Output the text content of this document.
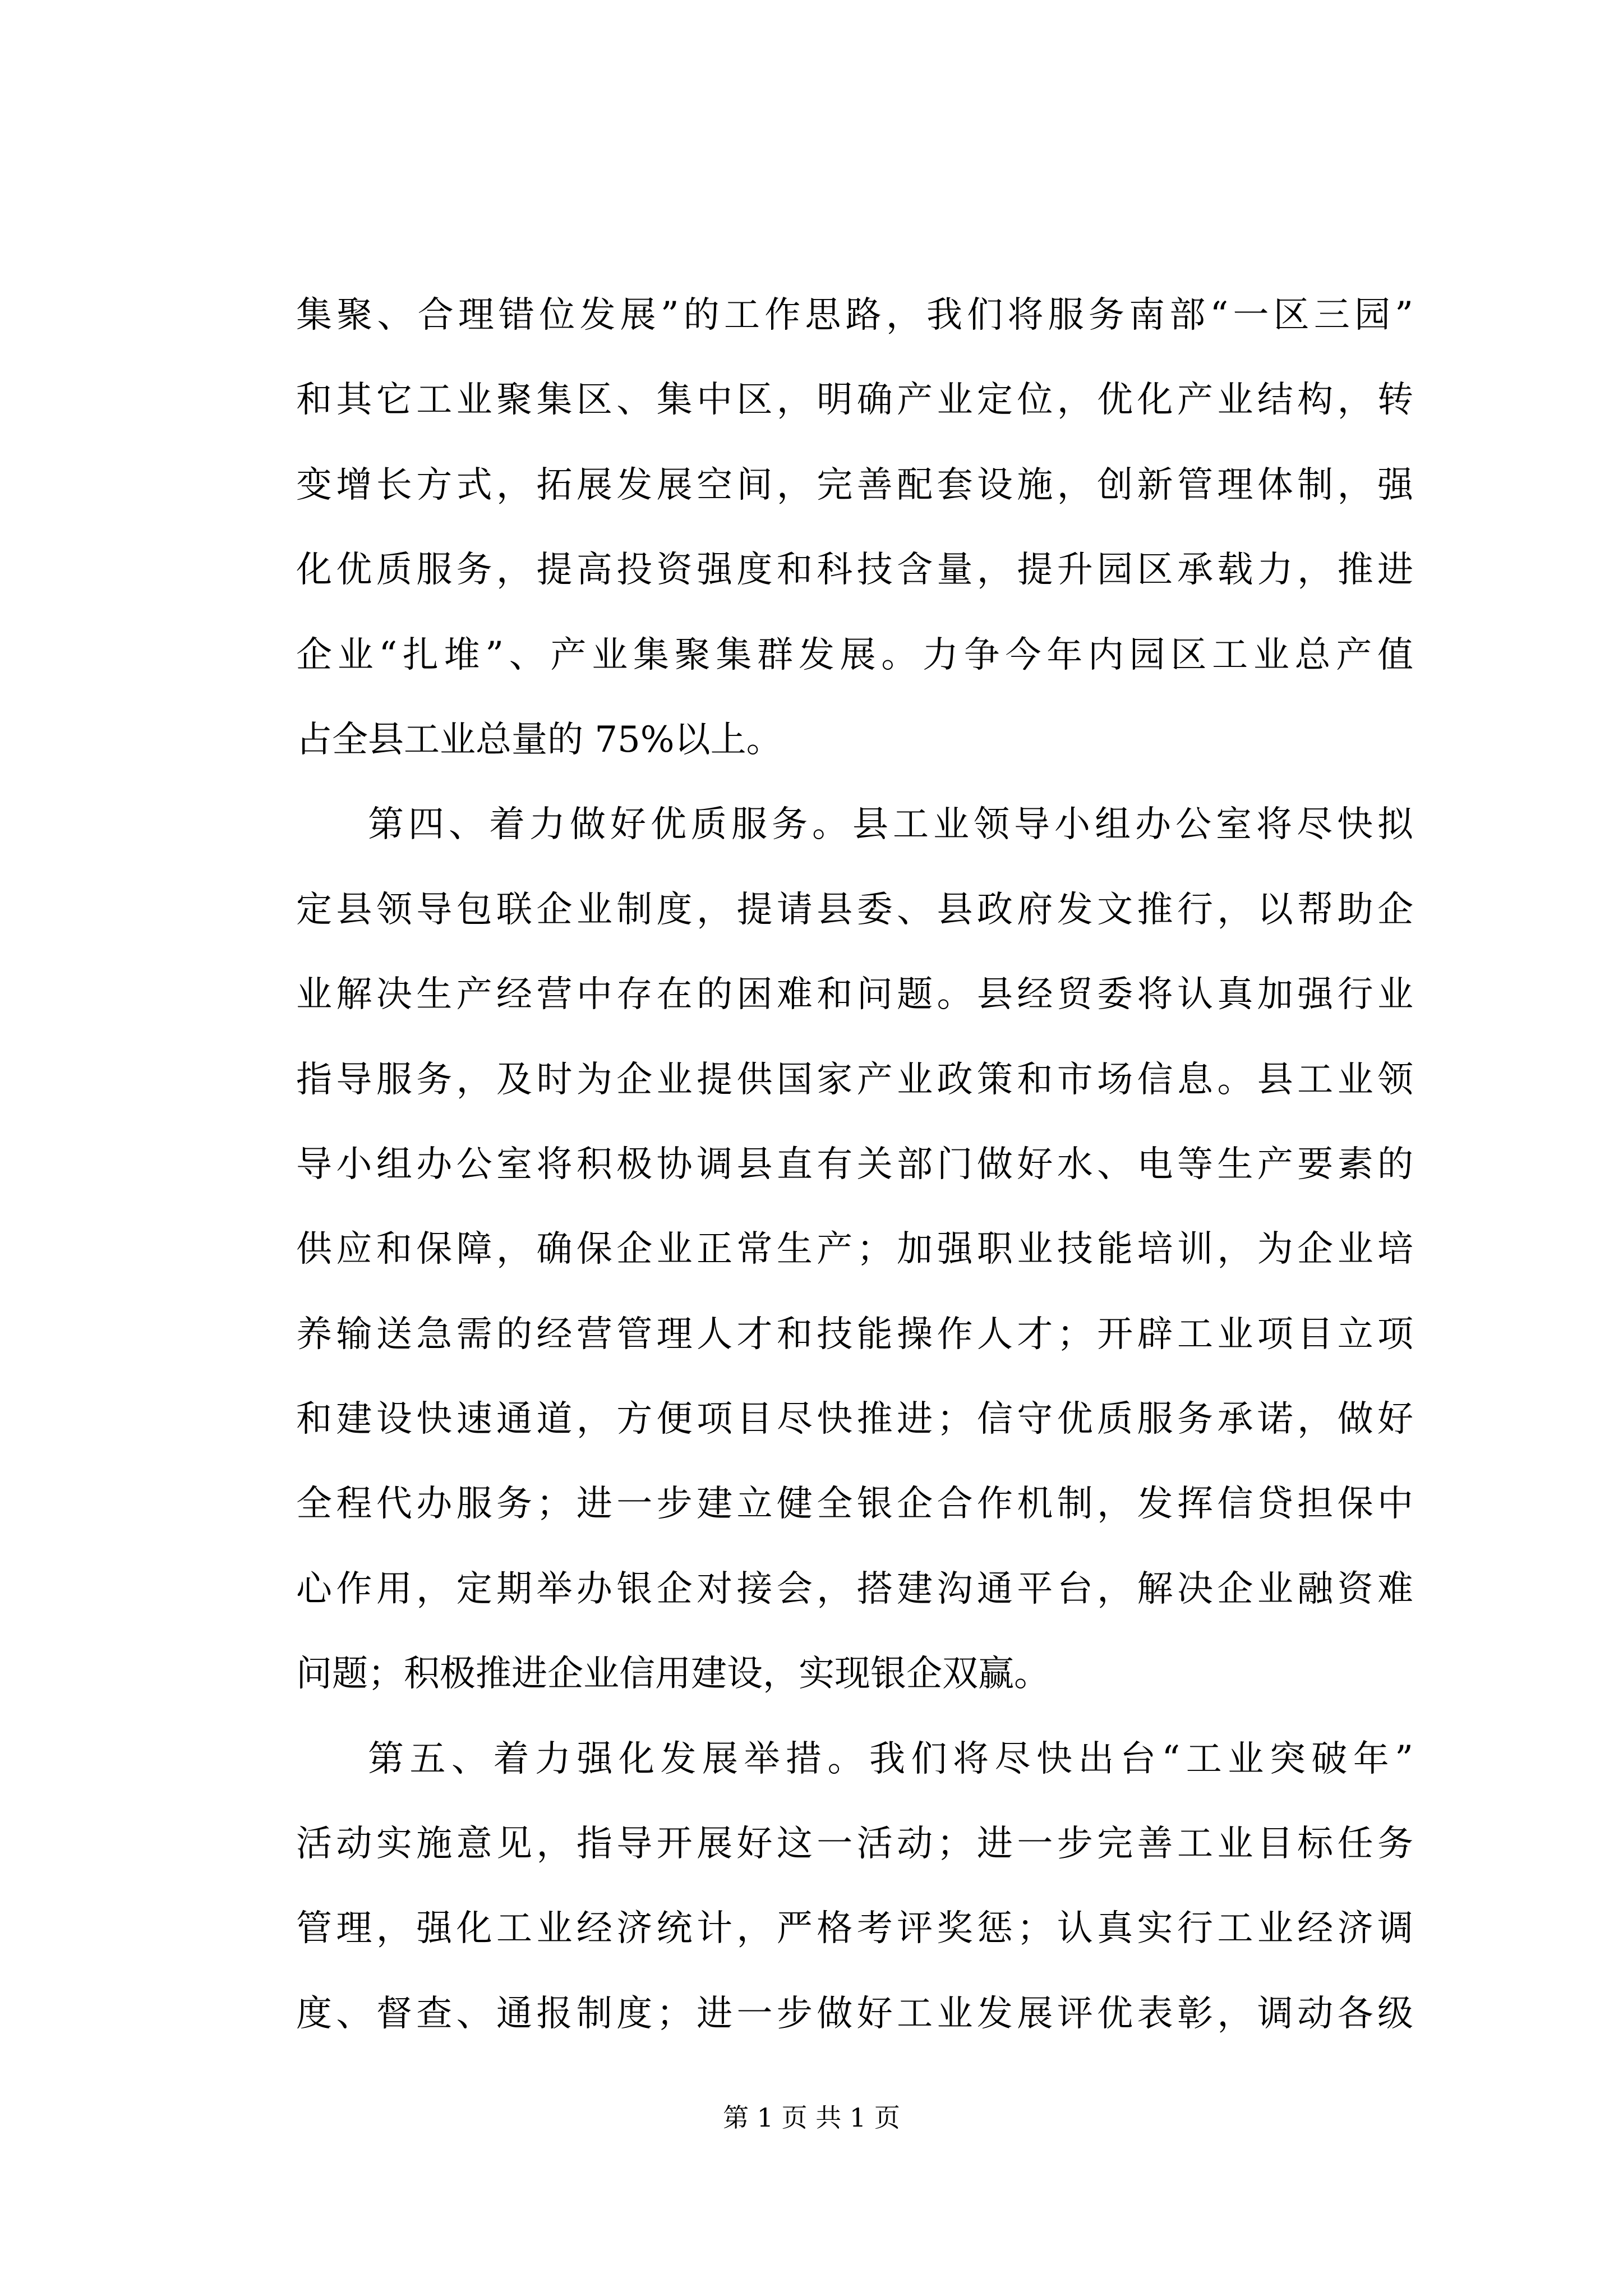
集聚、合理错位发展”的工作思路，我们将服务南部“一区三园”
和其它工业聚集区、集中区，明确产业定位，优化产业结构，转
变增长方式，拓展发展空间，完善配套设施，创新管理体制，强
化优质服务，提高投资强度和科技含量，提升园区承载力，推进
企业“扎堆”、产业集聚集群发展。力争今年内园区工业总产值
占全县工业总量的 75%以上。
第四、着力做好优质服务。县工业领导小组办公室将尽快拟
定县领导包联企业制度，提请县委、县政府发文推行，以帮助企
业解决生产经营中存在的困难和问题。县经贸委将认真加强行业
指导服务，及时为企业提供国家产业政策和市场信息。县工业领
导小组办公室将积极协调县直有关部门做好水、电等生产要素的
供应和保障，确保企业正常生产；加强职业技能培训，为企业培
养输送急需的经营管理人才和技能操作人才；开辟工业项目立项
和建设快速通道，方便项目尽快推进；信守优质服务承诺，做好
全程代办服务；进一步建立健全银企合作机制，发挥信贷担保中
心作用，定期举办银企对接会，搭建沟通平台，解决企业融资难
问题；积极推进企业信用建设，实现银企双赢。
第五、着力强化发展举措。我们将尽快出台“工业突破年”
活动实施意见，指导开展好这一活动；进一步完善工业目标任务
管理，强化工业经济统计，严格考评奖惩；认真实行工业经济调
度、督查、通报制度；进一步做好工业发展评优表彰，调动各级
第 1 页 共 1 页
